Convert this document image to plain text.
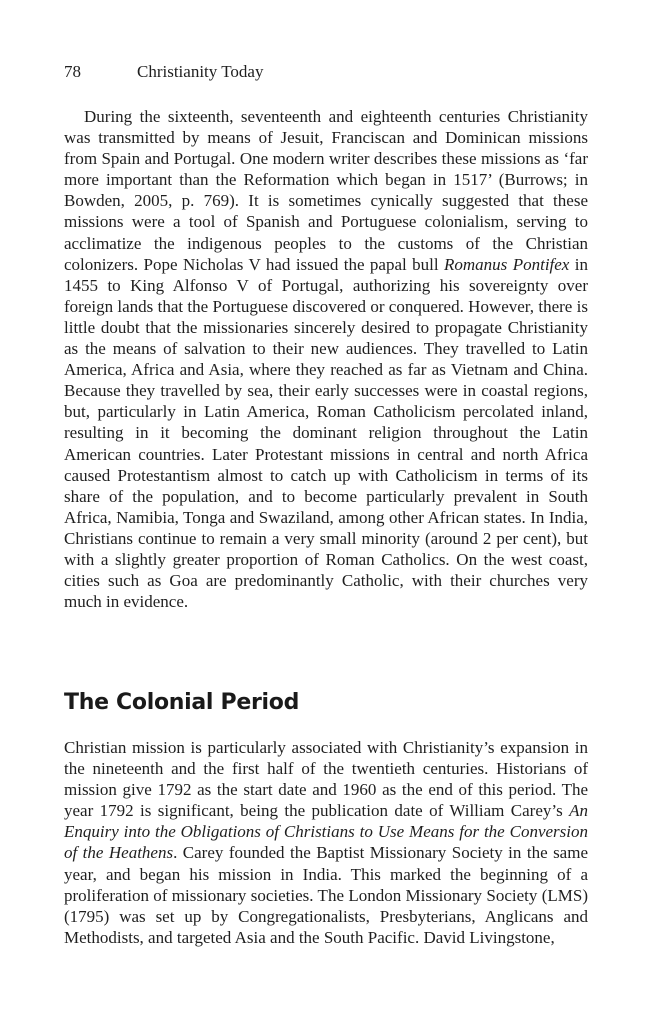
78	Christianity Today

During the sixteenth, seventeenth and eighteenth centuries Christianity was transmitted by means of Jesuit, Franciscan and Dominican missions from Spain and Portugal. One modern writer describes these missions as ‘far more important than the Reformation which began in 1517’ (Burrows; in Bowden, 2005, p. 769). It is sometimes cynically suggested that these missions were a tool of Spanish and Portuguese colonialism, serving to acclimatize the indigenous peoples to the customs of the Christian colonizers. Pope Nicholas V had issued the papal bull Romanus Pontifex in 1455 to King Alfonso V of Portugal, authorizing his sovereignty over foreign lands that the Portuguese discovered or conquered. However, there is little doubt that the missionaries sincerely desired to propagate Christianity as the means of salvation to their new audiences. They travelled to Latin America, Africa and Asia, where they reached as far as Vietnam and China. Because they travelled by sea, their early successes were in coastal regions, but, particularly in Latin America, Roman Catholicism percolated inland, resulting in it becoming the dominant religion throughout the Latin American countries. Later Protestant missions in central and north Africa caused Protestantism almost to catch up with Catholicism in terms of its share of the population, and to become particularly prevalent in South Africa, Namibia, Tonga and Swaziland, among other African states. In India, Christians continue to remain a very small minority (around 2 per cent), but with a slightly greater proportion of Roman Catholics. On the west coast, cities such as Goa are predominantly Catholic, with their churches very much in evidence.

The Colonial Period

Christian mission is particularly associated with Christianity’s expansion in the nineteenth and the first half of the twentieth centuries. Historians of mission give 1792 as the start date and 1960 as the end of this period. The year 1792 is significant, being the publication date of William Carey’s An Enquiry into the Obligations of Christians to Use Means for the Conversion of the Heathens. Carey founded the Baptist Missionary Society in the same year, and began his mission in India. This marked the beginning of a proliferation of missionary societies. The London Missionary Society (LMS) (1795) was set up by Congregationalists, Presbyterians, Anglicans and Methodists, and targeted Asia and the South Pacific. David Livingstone,
